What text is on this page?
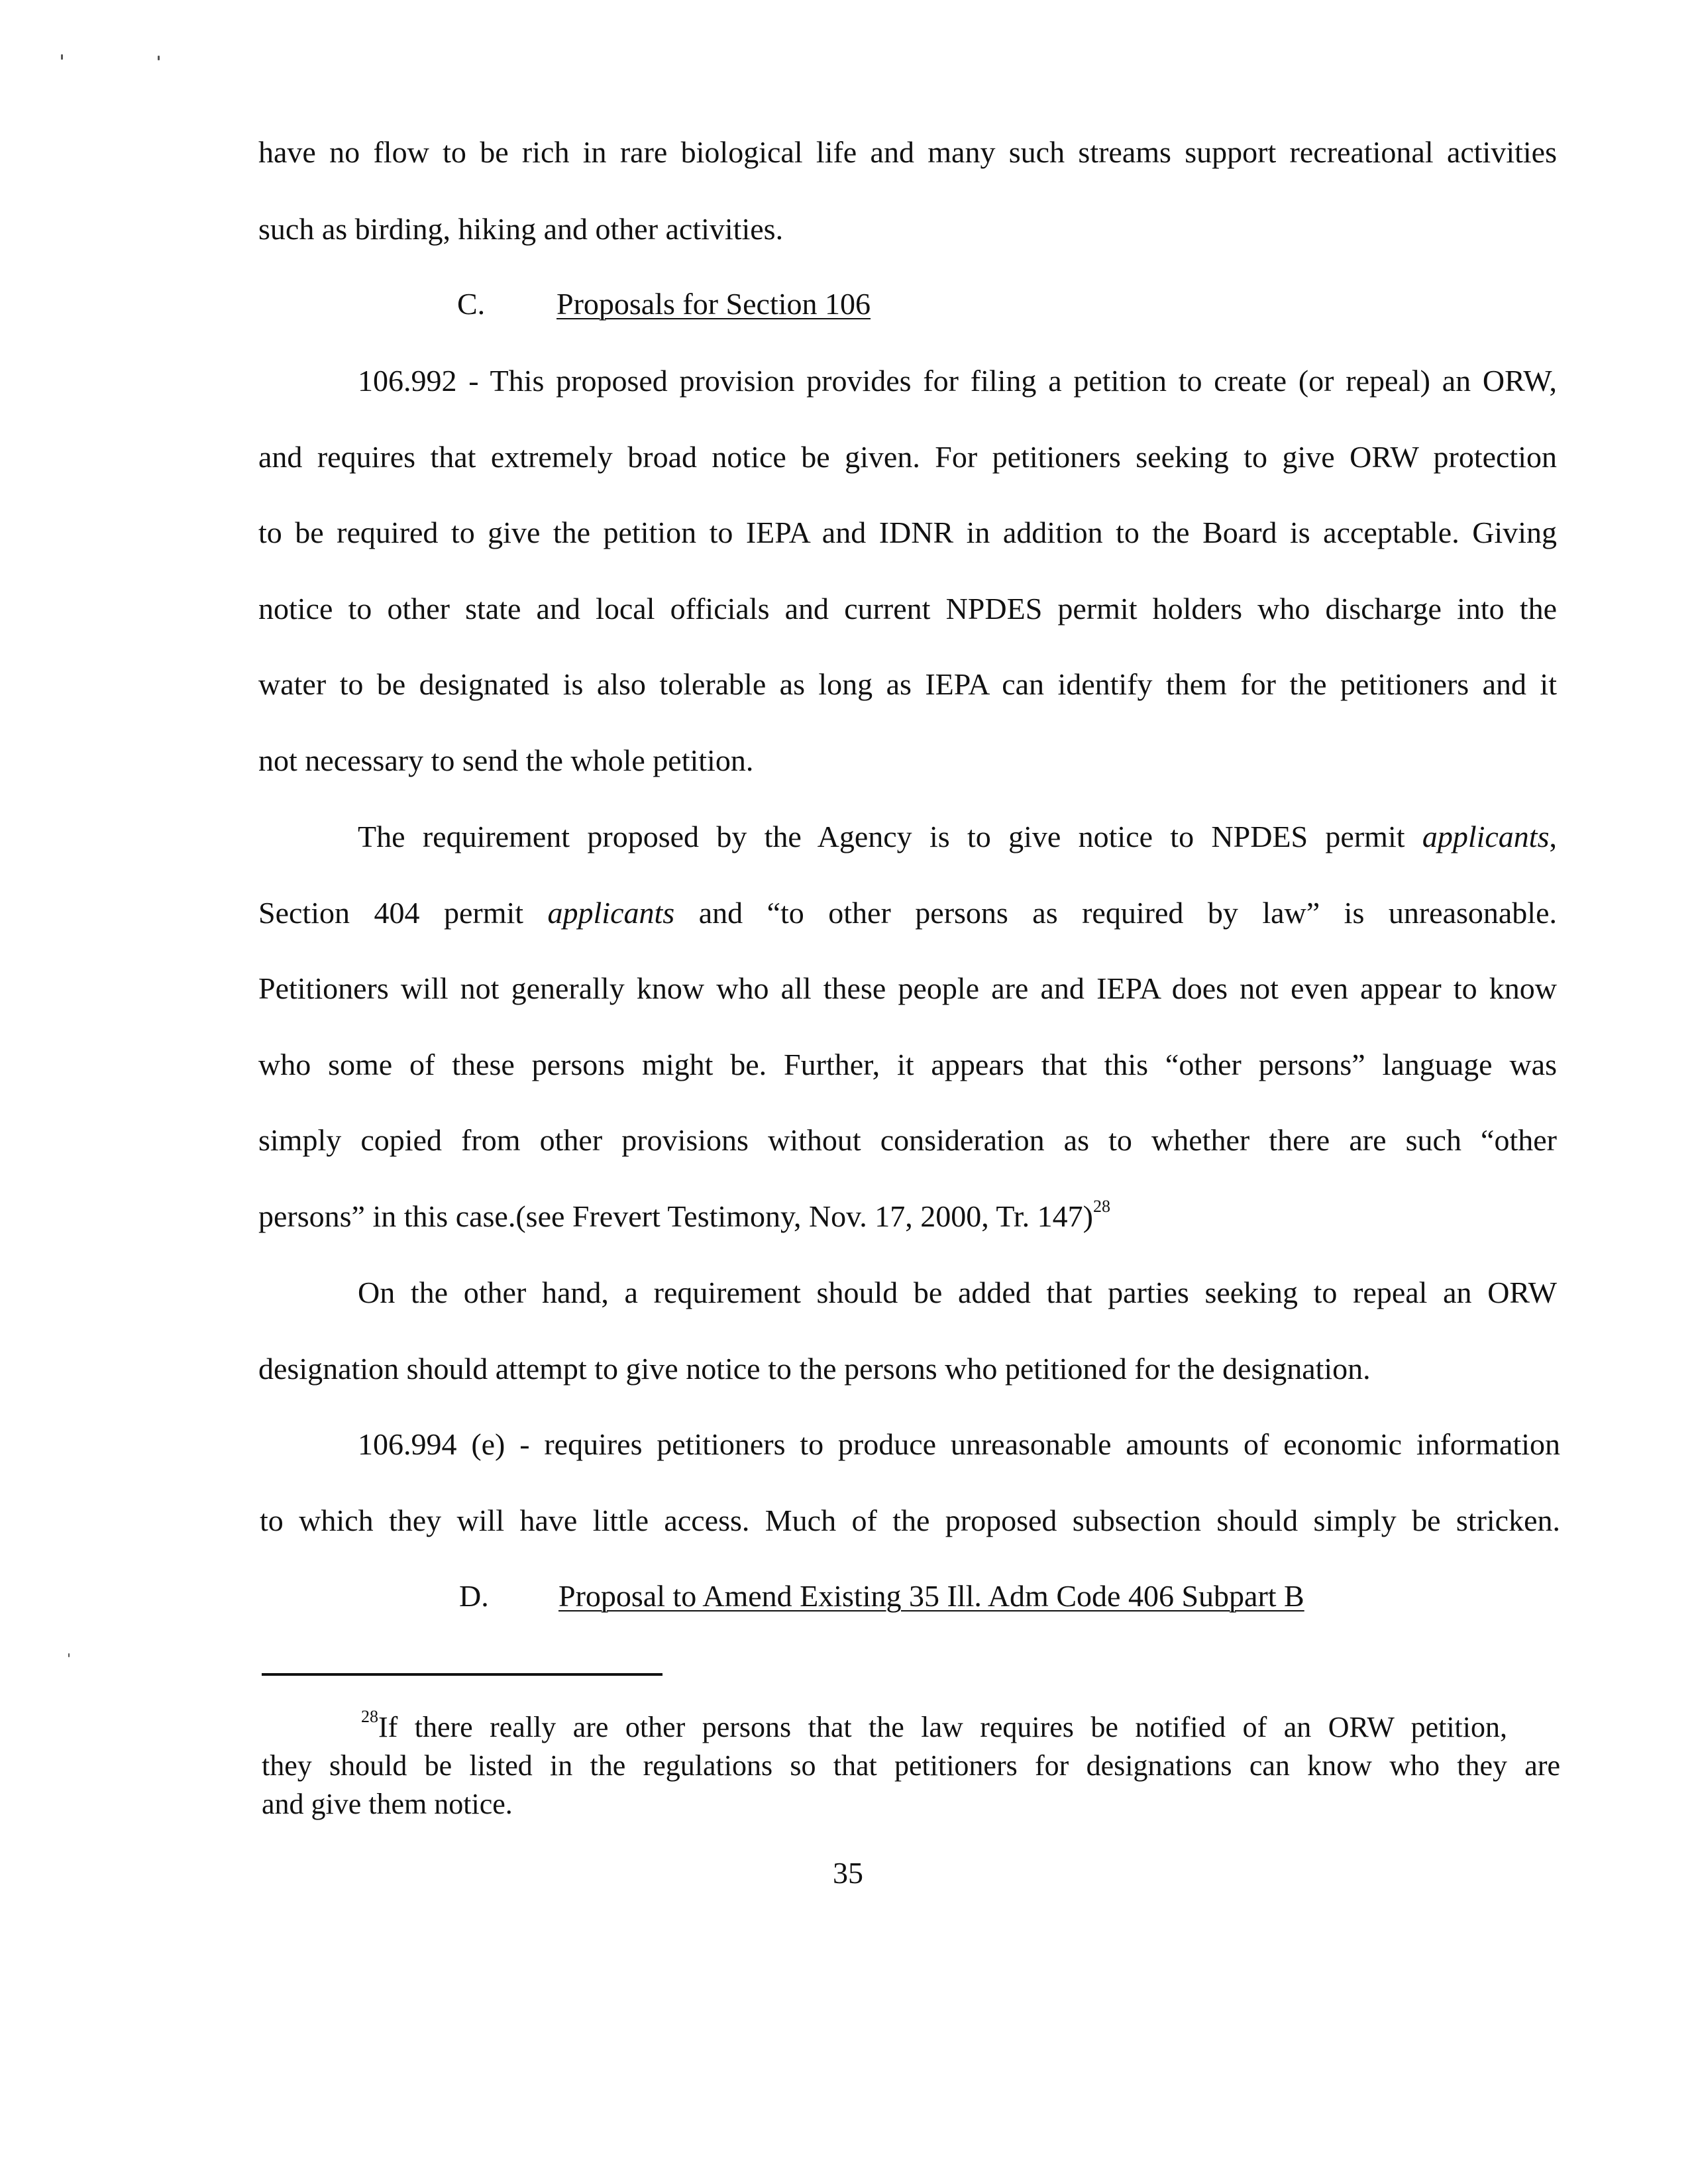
have no flow to be rich in rare biological life and many such streams support recreational activities
such as birding, hiking and other activities.
C. Proposals for Section 106
106.992 - This proposed provision provides for filing a petition to create (or repeal) an ORW,
and requires that extremely broad notice be given. For petitioners seeking to give ORW protection
to be required to give the petition to IEPA and IDNR in addition to the Board is acceptable. Giving
notice to other state and local officials and current NPDES permit holders who discharge into the
water to be designated is also tolerable as long as IEPA can identify them for the petitioners and it
not necessary to send the whole petition.
The requirement proposed by the Agency is to give notice to NPDES permit applicants,
Section 404 permit applicants and “to other persons as required by law” is unreasonable.
Petitioners will not generally know who all these people are and IEPA does not even appear to know
who some of these persons might be. Further, it appears that this “other persons” language was
simply copied from other provisions without consideration as to whether there are such “other
persons” in this case.(see Frevert Testimony, Nov. 17, 2000, Tr. 147)$^{28}$
On the other hand, a requirement should be added that parties seeking to repeal an ORW
designation should attempt to give notice to the persons who petitioned for the designation.
106.994 (e) - requires petitioners to produce unreasonable amounts of economic information
to which they will have little access. Much of the proposed subsection should simply be stricken.
D. Proposal to Amend Existing 35 Ill. Adm Code 406 Subpart B
$^{28}$If there really are other persons that the law requires be notified of an ORW petition,
they should be listed in the regulations so that petitioners for designations can know who they are
and give them notice.
35
